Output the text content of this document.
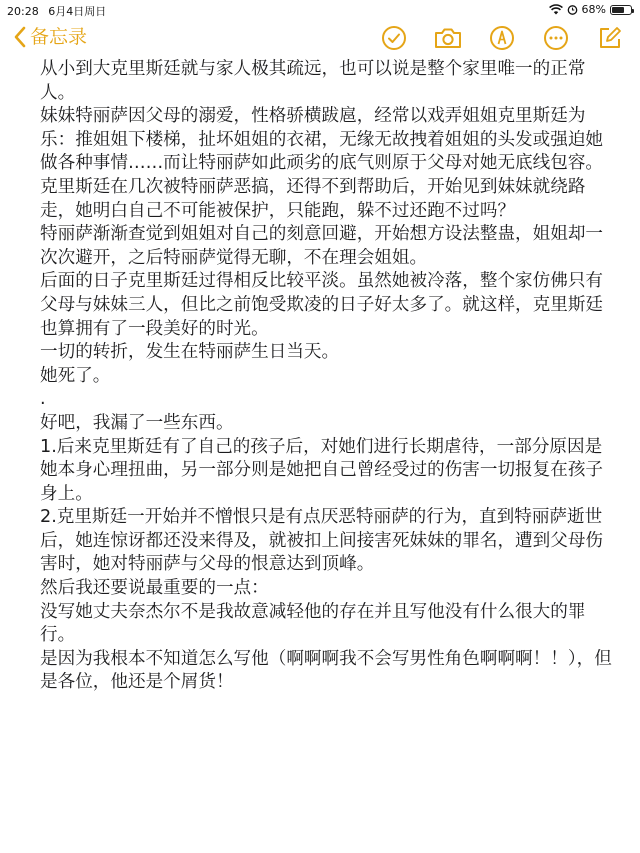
20:28 6月4日周日	68%
备忘录

从小到大克里斯廷就与家人极其疏远，也可以说是整个家里唯一的正常人。

妹妹特丽萨因父母的溺爱，性格骄横跋扈，经常以戏弄姐姐克里斯廷为乐：推姐姐下楼梯，扯坏姐姐的衣裙，无缘无故拽着姐姐的头发或强迫她做各种事情……而让特丽萨如此顽劣的底气则原于父母对她无底线包容。

克里斯廷在几次被特丽萨恶搞，还得不到帮助后，开始见到妹妹就绕路走，她明白自己不可能被保护，只能跑，躲不过还跑不过吗？

特丽萨渐渐查觉到姐姐对自己的刻意回避，开始想方设法整蛊，姐姐却一次次避开，之后特丽萨觉得无聊，不在理会姐姐。

后面的日子克里斯廷过得相反比较平淡。虽然她被冷落，整个家仿佛只有父母与妹妹三人，但比之前饱受欺凌的日子好太多了。就这样，克里斯廷也算拥有了一段美好的时光。

一切的转折，发生在特丽萨生日当天。

她死了。

.

好吧，我漏了一些东西。

1.后来克里斯廷有了自己的孩子后，对她们进行长期虐待，一部分原因是她本身心理扭曲，另一部分则是她把自己曾经受过的伤害一切报复在孩子身上。

2.克里斯廷一开始并不憎恨只是有点厌恶特丽萨的行为，直到特丽萨逝世后，她连惊讶都还没来得及，就被扣上间接害死妹妹的罪名，遭到父母伤害时，她对特丽萨与父母的恨意达到顶峰。

然后我还要说最重要的一点：

没写她丈夫奈杰尔不是我故意减轻他的存在并且写他没有什么很大的罪行。

是因为我根本不知道怎么写他（啊啊啊我不会写男性角色啊啊啊！！），但是各位，他还是个屑货！
